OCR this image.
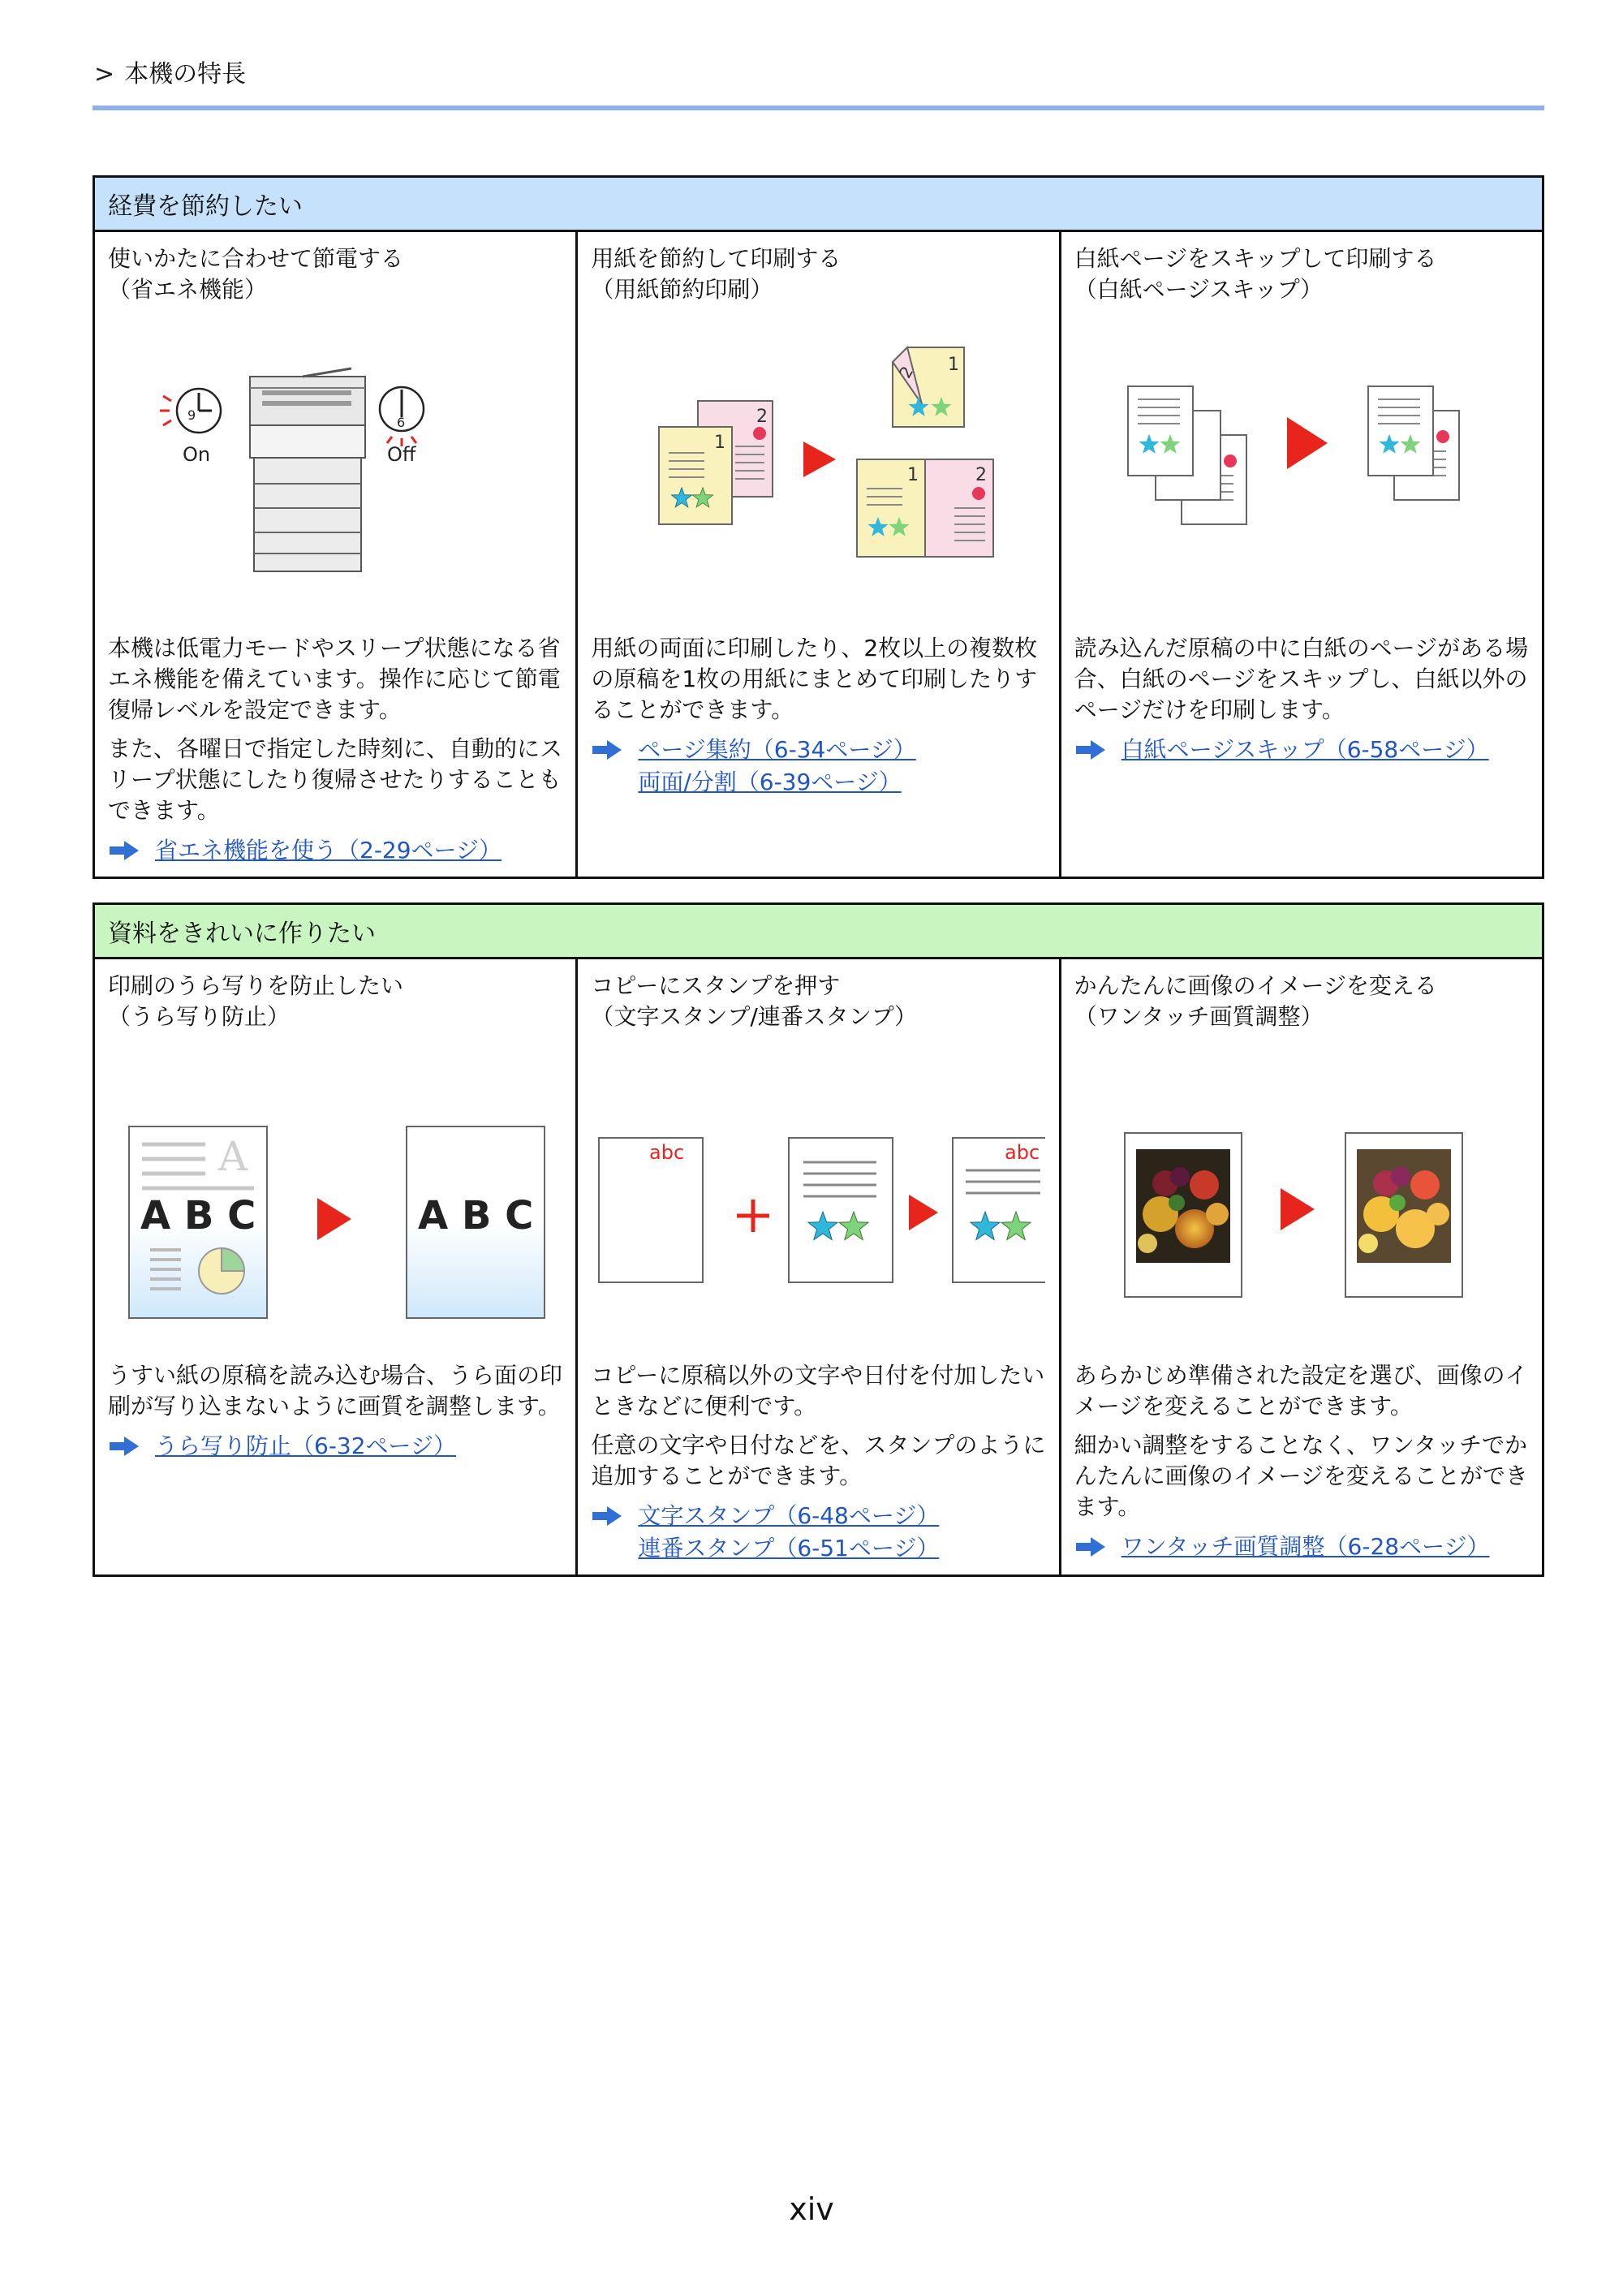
> 本機の特長
経費を節約したい

使いかたに合わせて節電する
（省エネ機能）
9
On
6
Off

本機は低電力モードやスリープ状態になる省エネ機能を備えています。操作に応じて節電復帰レベルを設定できます。

また、各曜日で指定した時刻に、自動的にスリープ状態にしたり復帰させたりすることもできます。

省エネ機能を使う（2-29ページ）

用紙を節約して印刷する
（用紙節約印刷）
2
1
1
2
1	2

用紙の両面に印刷したり、2枚以上の複数枚の原稿を1枚の用紙にまとめて印刷したりすることができます。

ページ集約（6-34ページ）
両面/分割（6-39ページ）

白紙ページをスキップして印刷する
（白紙ページスキップ）

読み込んだ原稿の中に白紙のページがある場合、白紙のページをスキップし、白紙以外のページだけを印刷します。

白紙ページスキップ（6-58ページ）
資料をきれいに作りたい

印刷のうら写りを防止したい
（うら写り防止）
A
A B C	A B C

うすい紙の原稿を読み込む場合、うら面の印刷が写り込まないように画質を調整します。

うら写り防止（6-32ページ）

コピーにスタンプを押す
（文字スタンプ/連番スタンプ）
abc	abc

コピーに原稿以外の文字や日付を付加したいときなどに便利です。

任意の文字や日付などを、スタンプのように追加することができます。

文字スタンプ（6-48ページ）
連番スタンプ（6-51ページ）

かんたんに画像のイメージを変える
（ワンタッチ画質調整）

あらかじめ準備された設定を選び、画像のイメージを変えることができます。

細かい調整をすることなく、ワンタッチでかんたんに画像のイメージを変えることができます。

ワンタッチ画質調整（6-28ページ）
xiv
